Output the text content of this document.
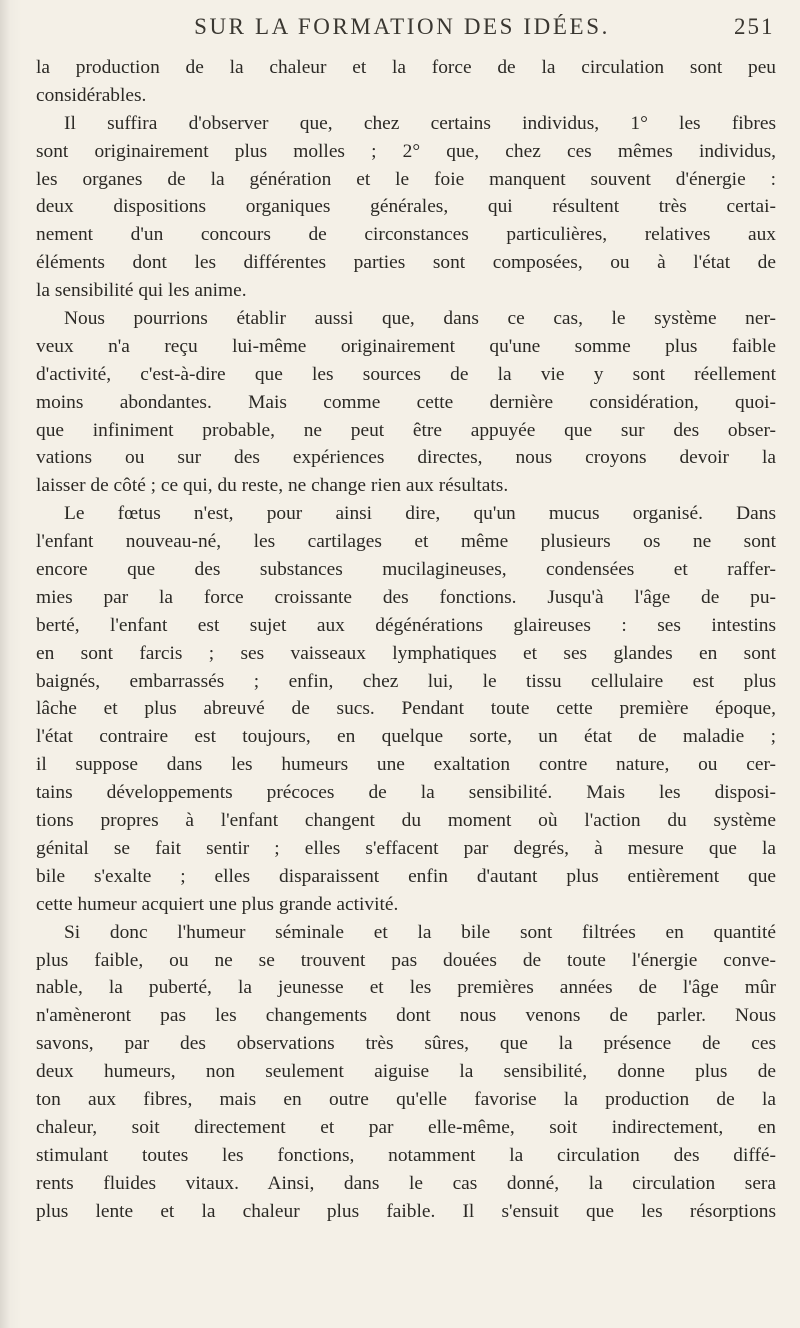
SUR LA FORMATION DES IDÉES.	251
la production de la chaleur et la force de la circulation sont peu
considérables.
Il suffira d'observer que, chez certains individus, 1° les fibres
sont originairement plus molles ; 2° que, chez ces mêmes individus,
les organes de la génération et le foie manquent souvent d'énergie :
deux dispositions organiques générales, qui résultent très certai-
nement d'un concours de circonstances particulières, relatives aux
éléments dont les différentes parties sont composées, ou à l'état de
la sensibilité qui les anime.
Nous pourrions établir aussi que, dans ce cas, le système ner-
veux n'a reçu lui-même originairement qu'une somme plus faible
d'activité, c'est-à-dire que les sources de la vie y sont réellement
moins abondantes. Mais comme cette dernière considération, quoi-
que infiniment probable, ne peut être appuyée que sur des obser-
vations ou sur des expériences directes, nous croyons devoir la
laisser de côté ; ce qui, du reste, ne change rien aux résultats.
Le fœtus n'est, pour ainsi dire, qu'un mucus organisé. Dans
l'enfant nouveau-né, les cartilages et même plusieurs os ne sont
encore que des substances mucilagineuses, condensées et raffer-
mies par la force croissante des fonctions. Jusqu'à l'âge de pu-
berté, l'enfant est sujet aux dégénérations glaireuses : ses intestins
en sont farcis ; ses vaisseaux lymphatiques et ses glandes en sont
baignés, embarrassés ; enfin, chez lui, le tissu cellulaire est plus
lâche et plus abreuvé de sucs. Pendant toute cette première époque,
l'état contraire est toujours, en quelque sorte, un état de maladie ;
il suppose dans les humeurs une exaltation contre nature, ou cer-
tains développements précoces de la sensibilité. Mais les disposi-
tions propres à l'enfant changent du moment où l'action du système
génital se fait sentir ; elles s'effacent par degrés, à mesure que la
bile s'exalte ; elles disparaissent enfin d'autant plus entièrement que
cette humeur acquiert une plus grande activité.
Si donc l'humeur séminale et la bile sont filtrées en quantité
plus faible, ou ne se trouvent pas douées de toute l'énergie conve-
nable, la puberté, la jeunesse et les premières années de l'âge mûr
n'amèneront pas les changements dont nous venons de parler. Nous
savons, par des observations très sûres, que la présence de ces
deux humeurs, non seulement aiguise la sensibilité, donne plus de
ton aux fibres, mais en outre qu'elle favorise la production de la
chaleur, soit directement et par elle-même, soit indirectement, en
stimulant toutes les fonctions, notamment la circulation des diffé-
rents fluides vitaux. Ainsi, dans le cas donné, la circulation sera
plus lente et la chaleur plus faible. Il s'ensuit que les résorptions
